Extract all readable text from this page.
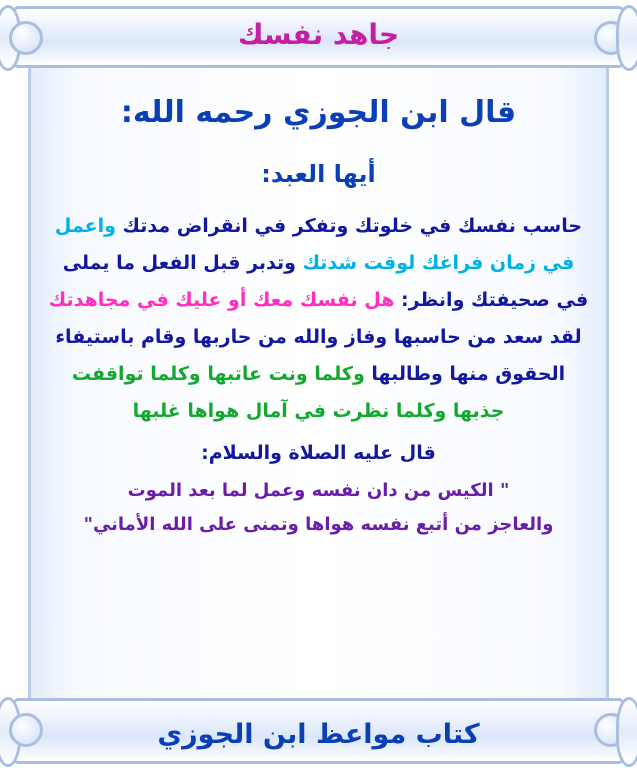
جاهد نفسك
قال ابن الجوزي رحمه الله:
أيها العبد:
حاسب نفسك في خلوتك وتفكر في انقراض مدتك واعمل في زمان فراغك لوقت شدتك وتدبر قبل الفعل ما يملى في صحيفتك وانظر: هل نفسك معك أو عليك في مجاهدتك لقد سعد من حاسبها وفاز والله من حاربها وقام باستيفاء الحقوق منها وطالبها وكلما ونت عاتبها وكلما تواقفت جذبها وكلما نظرت في آمال هواها غلبها
قال عليه الصلاة والسلام:
" الكيس من دان نفسه وعمل لما بعد الموت
والعاجز من أتبع نفسه هواها وتمنى على الله الأماني"
كتاب مواعظ ابن الجوزي
